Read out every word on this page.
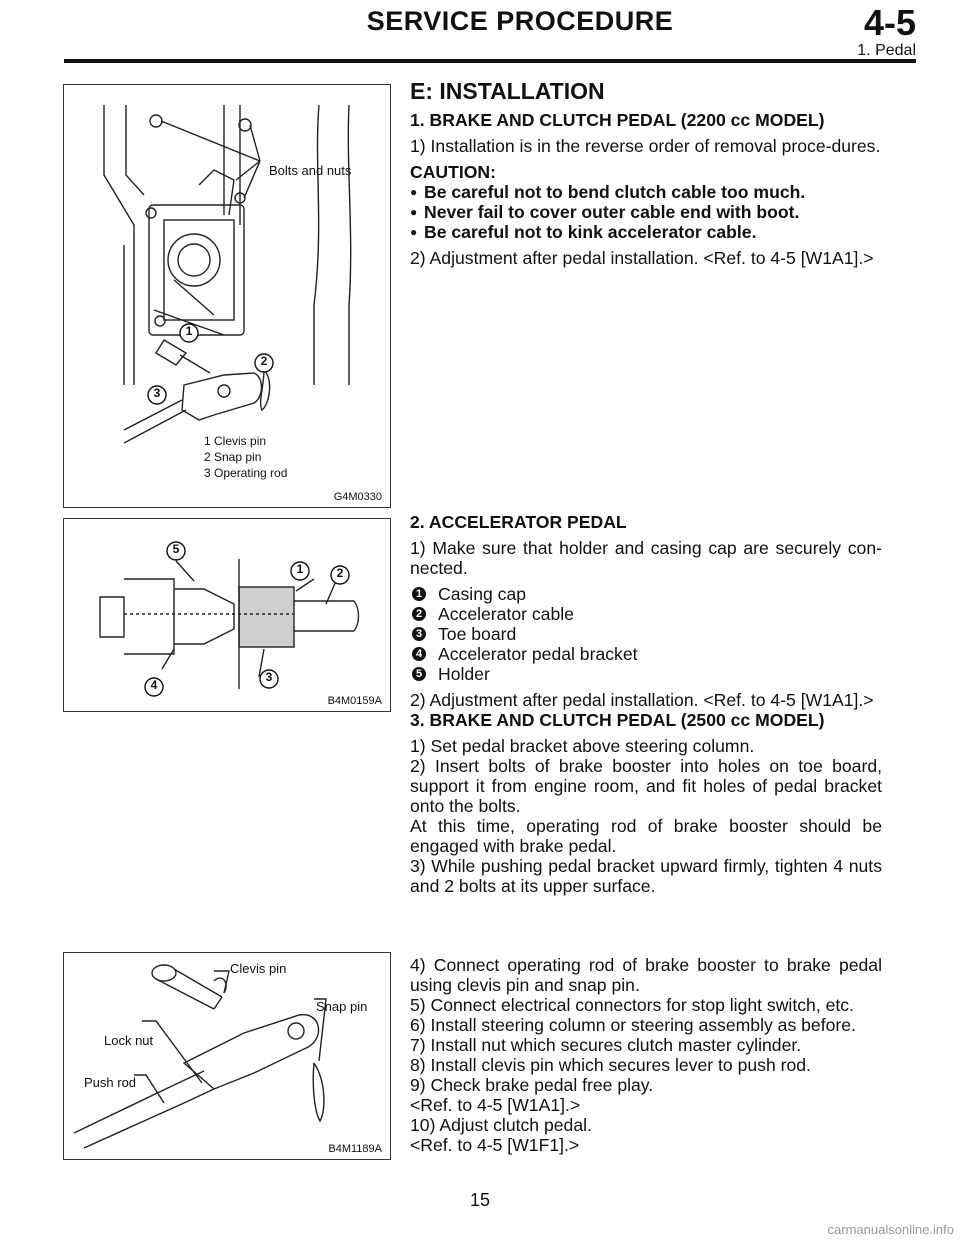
SERVICE PROCEDURE	4-5
1. Pedal
1
2
3
Bolts and nuts
1 Clevis pin
2 Snap pin
3 Operating rod
G4M0330
1	2
3
4
5
B4M0159A
Clevis pin
Snap pin
Lock nut
Push rod
B4M1189A

E: INSTALLATION

1. BRAKE AND CLUTCH PEDAL (2200 cc MODEL)

1) Installation is in the reverse order of removal proce-dures.

CAUTION:

● Be careful not to bend clutch cable too much.

● Never fail to cover outer cable end with boot.

● Be careful not to kink accelerator cable.

2) Adjustment after pedal installation. <Ref. to 4-5 [W1A1].>

2. ACCELERATOR PEDAL

1) Make sure that holder and casing cap are securely con-nected.

1 Casing cap

2 Accelerator cable

3 Toe board

4 Accelerator pedal bracket

5 Holder

2) Adjustment after pedal installation. <Ref. to 4-5 [W1A1].>

3. BRAKE AND CLUTCH PEDAL (2500 cc MODEL)

1) Set pedal bracket above steering column.

2) Insert bolts of brake booster into holes on toe board, support it from engine room, and fit holes of pedal bracket onto the bolts.

At this time, operating rod of brake booster should be engaged with brake pedal.

3) While pushing pedal bracket upward firmly, tighten 4 nuts and 2 bolts at its upper surface.

4) Connect operating rod of brake booster to brake pedal using clevis pin and snap pin.

5) Connect electrical connectors for stop light switch, etc.

6) Install steering column or steering assembly as before.

7) Install nut which secures clutch master cylinder.

8) Install clevis pin which secures lever to push rod.

9) Check brake pedal free play.

<Ref. to 4-5 [W1A1].>

10) Adjust clutch pedal.

<Ref. to 4-5 [W1F1].>

15
carmanualsonline.info
